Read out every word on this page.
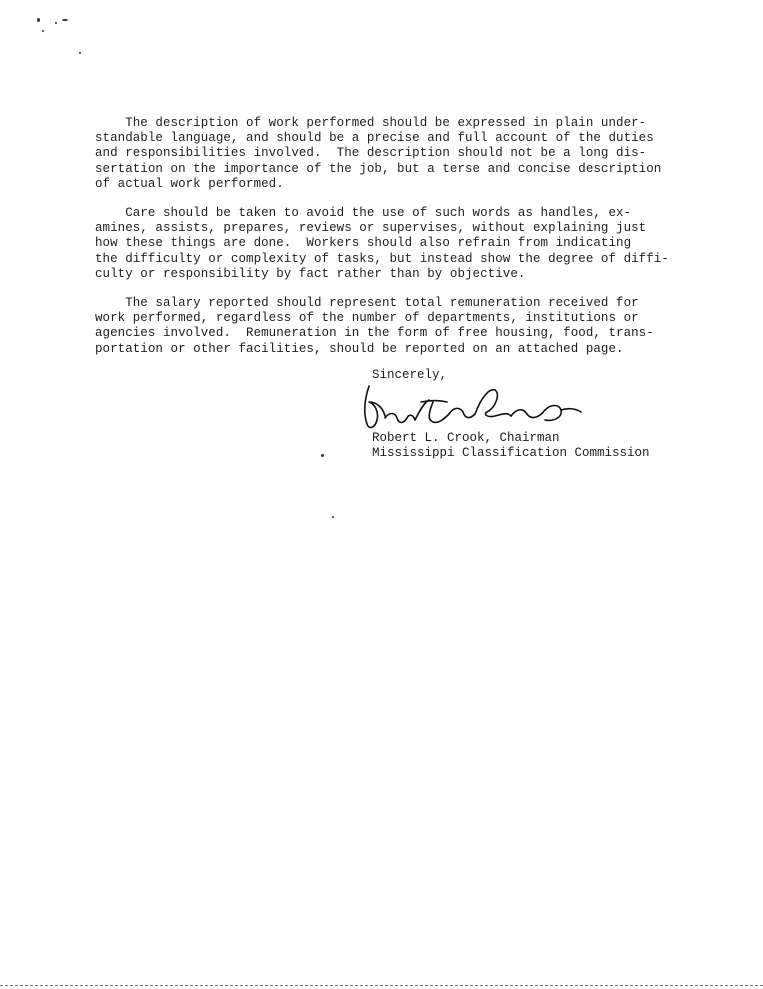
The description of work performed should be expressed in plain under-
standable language, and should be a precise and full account of the duties
and responsibilities involved.  The description should not be a long dis-
sertation on the importance of the job, but a terse and concise description
of actual work performed.

Care should be taken to avoid the use of such words as handles, ex-
amines, assists, prepares, reviews or supervises, without explaining just
how these things are done.  Workers should also refrain from indicating
the difficulty or complexity of tasks, but instead show the degree of diffi-
culty or responsibility by fact rather than by objective.

The salary reported should represent total remuneration received for
work performed, regardless of the number of departments, institutions or
agencies involved.  Remuneration in the form of free housing, food, trans-
portation or other facilities, should be reported on an attached page.

Sincerely,
Robert L. Crook, Chairman
Mississippi Classification Commission
